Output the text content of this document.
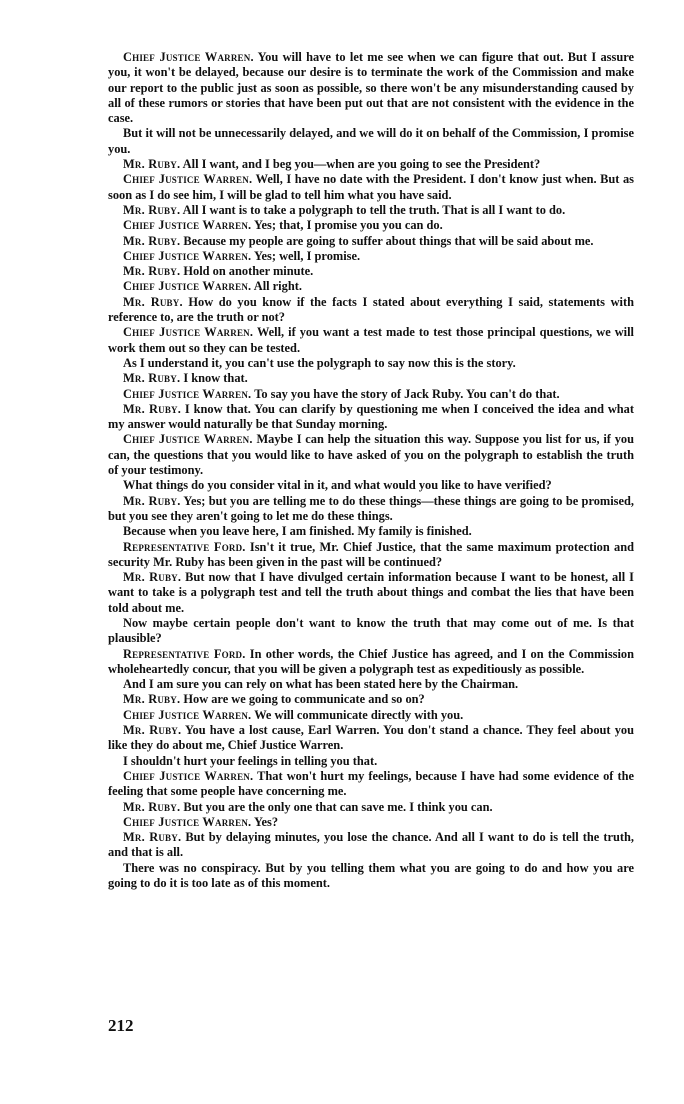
Chief Justice Warren. You will have to let me see when we can figure that out. But I assure you, it won't be delayed, because our desire is to terminate the work of the Commission and make our report to the public just as soon as possible, so there won't be any misunderstanding caused by all of these rumors or stories that have been put out that are not consistent with the evidence in the case.

But it will not be unnecessarily delayed, and we will do it on behalf of the Commission, I promise you.

Mr. Ruby. All I want, and I beg you—when are you going to see the President?

Chief Justice Warren. Well, I have no date with the President. I don't know just when. But as soon as I do see him, I will be glad to tell him what you have said.

Mr. Ruby. All I want is to take a polygraph to tell the truth. That is all I want to do.

Chief Justice Warren. Yes; that, I promise you you can do.

Mr. Ruby. Because my people are going to suffer about things that will be said about me.

Chief Justice Warren. Yes; well, I promise.

Mr. Ruby. Hold on another minute.

Chief Justice Warren. All right.

Mr. Ruby. How do you know if the facts I stated about everything I said, statements with reference to, are the truth or not?

Chief Justice Warren. Well, if you want a test made to test those principal questions, we will work them out so they can be tested.

As I understand it, you can't use the polygraph to say now this is the story.

Mr. Ruby. I know that.

Chief Justice Warren. To say you have the story of Jack Ruby. You can't do that.

Mr. Ruby. I know that. You can clarify by questioning me when I conceived the idea and what my answer would naturally be that Sunday morning.

Chief Justice Warren. Maybe I can help the situation this way. Suppose you list for us, if you can, the questions that you would like to have asked of you on the polygraph to establish the truth of your testimony.

What things do you consider vital in it, and what would you like to have verified?

Mr. Ruby. Yes; but you are telling me to do these things—these things are going to be promised, but you see they aren't going to let me do these things.

Because when you leave here, I am finished. My family is finished.

Representative Ford. Isn't it true, Mr. Chief Justice, that the same maximum protection and security Mr. Ruby has been given in the past will be continued?

Mr. Ruby. But now that I have divulged certain information because I want to be honest, all I want to take is a polygraph test and tell the truth about things and combat the lies that have been told about me.

Now maybe certain people don't want to know the truth that may come out of me. Is that plausible?

Representative Ford. In other words, the Chief Justice has agreed, and I on the Commission wholeheartedly concur, that you will be given a polygraph test as expeditiously as possible.

And I am sure you can rely on what has been stated here by the Chairman.

Mr. Ruby. How are we going to communicate and so on?

Chief Justice Warren. We will communicate directly with you.

Mr. Ruby. You have a lost cause, Earl Warren. You don't stand a chance. They feel about you like they do about me, Chief Justice Warren.

I shouldn't hurt your feelings in telling you that.

Chief Justice Warren. That won't hurt my feelings, because I have had some evidence of the feeling that some people have concerning me.

Mr. Ruby. But you are the only one that can save me. I think you can.

Chief Justice Warren. Yes?

Mr. Ruby. But by delaying minutes, you lose the chance. And all I want to do is tell the truth, and that is all.

There was no conspiracy. But by you telling them what you are going to do and how you are going to do it is too late as of this moment.

212
